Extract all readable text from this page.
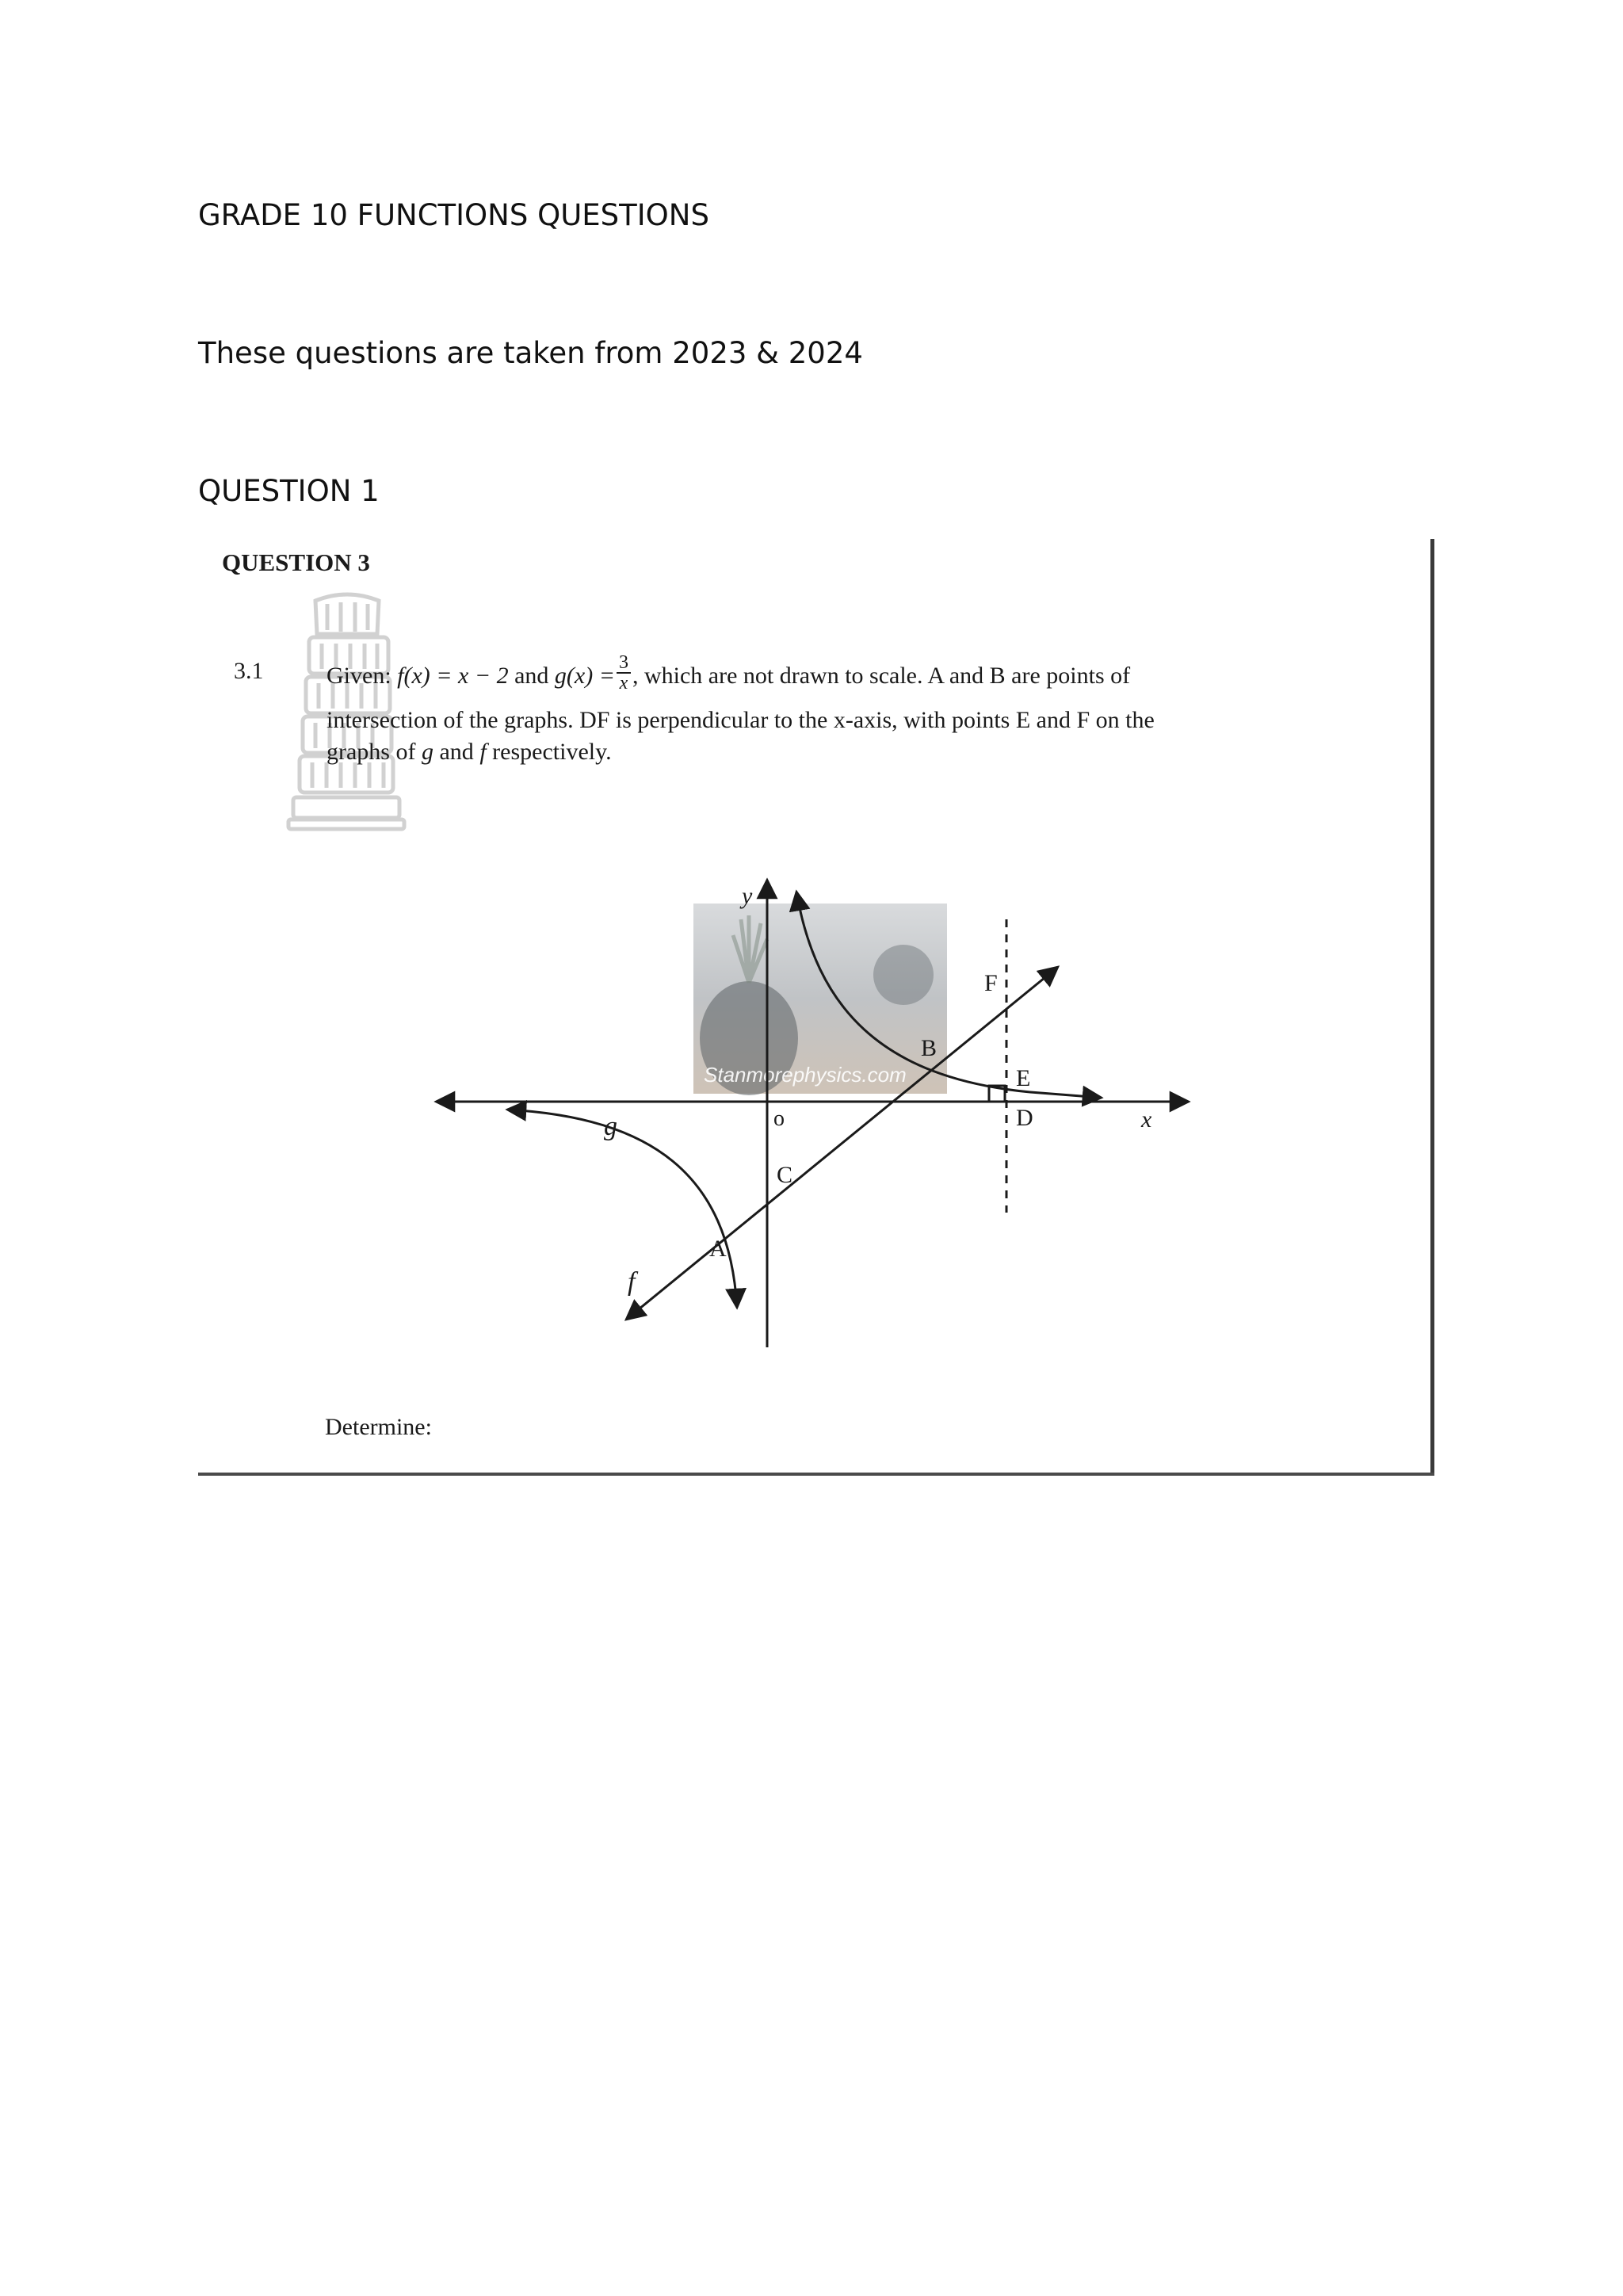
GRADE 10 FUNCTIONS QUESTIONS

These questions are taken from 2023 & 2024

QUESTION 1
QUESTION 3
3.1	Given: f(x) = x − 2 and $g(x) = \frac{3}{x}$ , which are not drawn to scale. A and B are points of
intersection of the graphs. DF is perpendicular to the x-axis, with points E and F on the
graphs of g and f respectively.
Stanmorephysics.com
y
x
o
g
f
A
B
C
D
E
F
Determine:
